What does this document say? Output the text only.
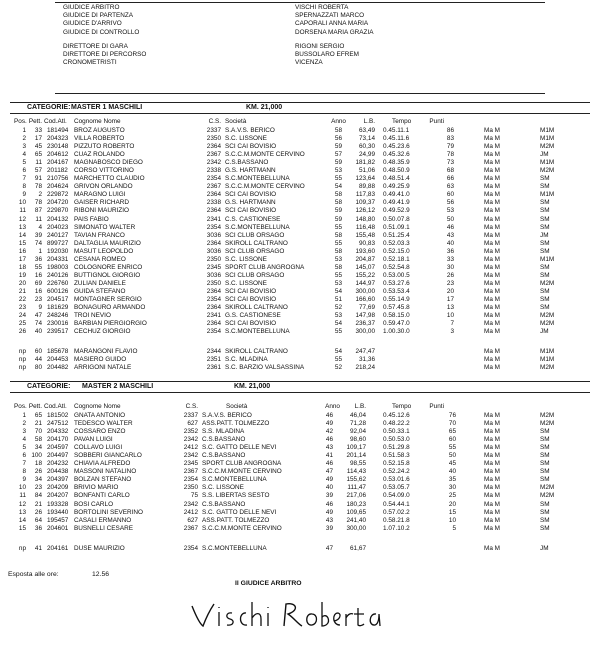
GIUDICE ARBITRO	VISCHI ROBERTA
GIUDICE DI PARTENZA	SPERNAZZATI MARCO
GIUDICE D'ARRIVO	CAPORALI ANNA MARIA
GIUDICE DI CONTROLLO	DORSENA MARIA GRAZIA
DIRETTORE DI GARA	RIGONI SERGIO
DIRETTORE DI PERCORSO	BUSSOLARO EFREM
CRONOMETRISTI	VICENZA
CATEGORIE: MASTER 1 MASCHILI	KM. 21,000
Pos. Pett. Cod.Atl. Cognome Nome	C.S. Società	Anno	L.B.	Tempo	Punti
1	33 181494 BROZ AUGUSTO	2337 S.A.V.S. BERICO	58	63,49 0.45.11.1	86	Ma M	M1M
2	17 204323 VILLA ROBERTO	2350 S.C. LISSONE	56	73,14 0.45.11.6	83	Ma M	M1M
3	45 230148 PIZZUTO ROBERTO	2364 SCI CAI BOVISIO	59	60,30 0.45.23.6	79	Ma M	M2M
4	65 204612 CUAZ ROLANDO	2367 S.C.C.M.MONTE CERVINO	57	24,99 0.45.32.6	78	Ma M	JM
5	11 204167 MAGNABOSCO DIEGO	2342 C.S.BASSANO	59	181,82 0.48.35.9	73	Ma M	M1M
6	57 201182 CORSO VITTORINO	2338 G.S. HARTMANN	53	51,06 0.48.50.9	68	Ma M	M2M
7	91 210756 MARCHETTO CLAUDIO	2354 S.C.MONTEBELLUNA	55	123,64 0.48.51.4	66	Ma M	SM
8	78 204624 GRIVON ORLANDO	2367 S.C.C.M.MONTE CERVINO	54	89,88 0.49.25.9	63	Ma M	SM
9	2 229872 MARAGNO LUIGI	2364 SCI CAI BOVISIO	58	117,83 0.49.41.0	60	Ma M	M1M
10	78 204720 GAISER RICHARD	2338 G.S. HARTMANN	58	109,37 0.49.41.9	56	Ma M	SM
11	87 229870 RIBONI MAURIZIO	2364 SCI CAI BOVISIO	59	126,12 0.49.52.9	53	Ma M	SM
12	11 204132 PAIS FABIO	2341 C.S. CASTIONESE	59	148,80 0.50.07.8	50	Ma M	SM
13	4 204023 SIMONATO WALTER	2354 S.C.MONTEBELLUNA	55	116,48 0.51.09.1	46	Ma M	SM
14	39 240127 TAVIAN FRANCO	3036 SCI CLUB ORSAGO	58	155,48 0.51.25.4	43	Ma M	JM
15	74 899727 DALTAGLIA MAURIZIO	2364 SKIROLL CALTRANO	55	90,83 0.52.03.3	40	Ma M	SM
16	1 192030 MASUT LEOPOLDO	3036 SCI CLUB ORSAGO	58	193,60 0.52.15.0	36	Ma M	SM
17	36 204331 CESANA ROMEO	2350 S.C. LISSONE	53	204,87 0.52.18.1	33	Ma M	M1M
18	55 198003 COLOGNORE ENRICO	2345 SPORT CLUB ANGROGNA	58	145,07 0.52.54.8	30	Ma M	SM
19	16 240126 BUTTIGNOL GIORGIO	3036 SCI CLUB ORSAGO	55	155,22 0.53.00.5	26	Ma M	SM
20	69 226760 ZULIAN DANIELE	2350 S.C. LISSONE	53	144,97 0.53.27.6	23	Ma M	M2M
21	16 600126 GUIDA STEFANO	2364 SCI CAI BOVISIO	54	300,00 0.53.53.4	20	Ma M	SM
22	23 204517 MONTAGNER SERGIO	2354 SCI CAI BOVISIO	51	166,60 0.55.14.9	17	Ma M	SM
23	9 181629 BONAGURO ARMANDO	2364 SKIROLL CALTRANO	52	77,69 0.57.45.8	13	Ma M	SM
24	47 248246 TROI NEVIO	2341 G.S. CASTIONESE	53	147,98 0.58.15.0	10	Ma M	M2M
25	74 230016 BARBIAN PIERGIORGIO	2364 SCI CAI BOVISIO	54	236,37 0.59.47.0	7	Ma M	M2M
26	40 239517 CECHUZ GIORGIO	2354 S.C.MONTEBELLUNA	55	300,00 1.00.30.0	3	Ma M	JM
np	60 185678 MARANGONI FLAVIO	2344 SKIROLL CALTRANO	54	247,47	Ma M	M1M
np	44 204453 MASIERO GUIDO	2351 S.C. MLADINA	55	31,36	Ma M	M1M
np	80 204482 ARRIGONI NATALE	2361 S.C. BARZIO VALSASSINA	52	218,24	Ma M	M2M
CATEGORIE: MASTER 2 MASCHILI	KM. 21,000
Pos. Pett. Cod.Atl. Cognome Nome	C.S.	Società	Anno	L.B.	Tempo	Punti
1	65 181502 GNATA ANTONIO	2337 S.A.V.S. BERICO	46	46,04	0.45.12.6	76	Ma M	M2M
2	21 247512 TEDESCO WALTER	627 ASS.PATT. TOLMEZZO	49	71,28	0.48.22.2	70	Ma M	M2M
3	70 204332 COSSARO ENZO	2352 S.S. MLADINA	42	92,04	0.50.33.1	65	Ma M	SM
4	58 204170 PAVAN LUIGI	2342 C.S.BASSANO	46	98,60	0.50.53.0	60	Ma M	SM
5	34 204597 COLLAVO LUIGI	2412 S.C. GATTO DELLE NEVI	43	109,17	0.51.29.8	55	Ma M	SM
6 100 204497 SOBBERI GIANCARLO	2342 C.S.BASSANO	41	201,14	0.51.58.3	50	Ma M	SM
7	18 204232 CHIAVIA ALFREDO	2345 SPORT CLUB ANGROGNA	46	98,55	0.52.15.8	45	Ma M	SM
8	26 204438 MASSONI NATALINO	2367 S.C.C.M.MONTE CERVINO	47	114,43	0.52.24.2	40	Ma M	SM
9	34 204397 BOLZAN STEFANO	2354 S.C.MONTEBELLUNA	49	155,62	0.53.01.6	35	Ma M	SM
10	23 204209 BRIVIO MARIO	2350 S.C. LISSONE	40	111,47	0.53.05.7	30	Ma M	M2M
11	84 204207 BONFANTI CARLO	75 S.S. LIBERTAS SESTO	39	217,06	0.54.09.0	25	Ma M	M2M
12	21 193328 BOSI CARLO	2342 C.S.BASSANO	46	180,23	0.54.44.1	20	Ma M	SM
13	26 193440 BORTOLINI SEVERINO	2412 S.C. GATTO DELLE NEVI	49	109,65	0.57.02.2	15	Ma M	SM
14	64 195457 CASALI ERMANNO	627 ASS.PATT. TOLMEZZO	43	241,40	0.58.21.8	10	Ma M	SM
15	36 204601 BUSNELLI CESARE	2367 S.C.C.M.MONTE CERVINO	39	300,00	1.07.10.2	5	Ma M	SM
np	41 204161 DUSE MAURIZIO	2354 S.C.MONTEBELLUNA	47	61,67	Ma M	JM
Esposta alle ore:	12.56
Il GIUDICE ARBITRO
